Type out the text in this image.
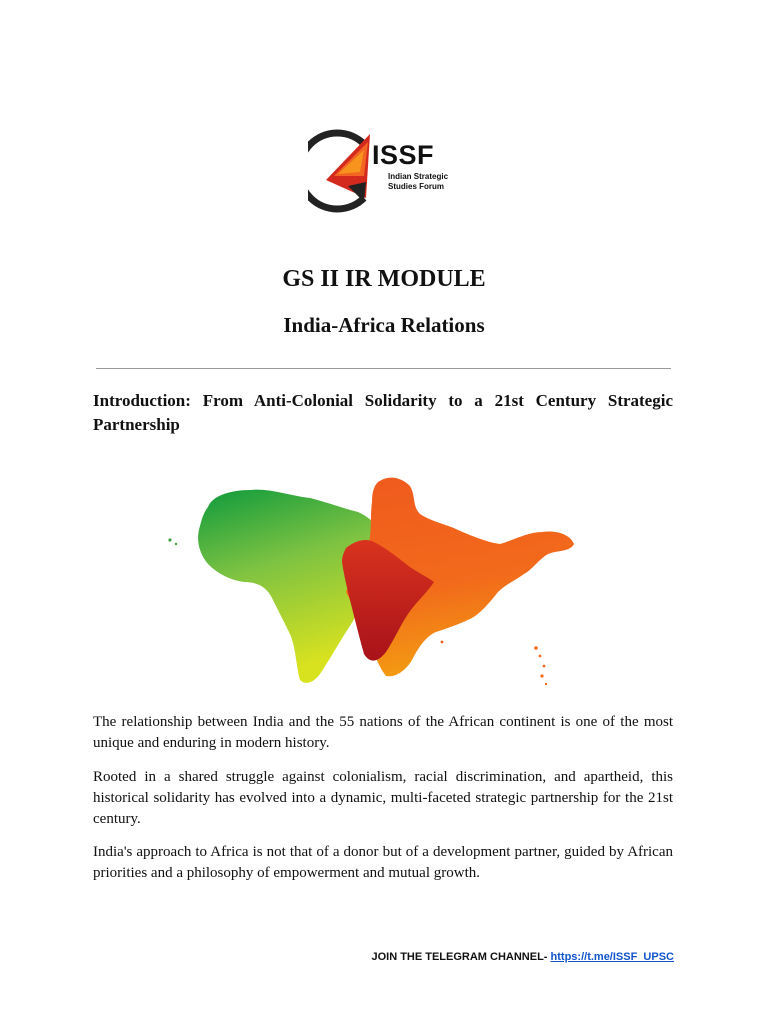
ISSF
Indian Strategic Studies Forum
GS II IR MODULE
India-Africa Relations

Introduction: From Anti-Colonial Solidarity to a 21st Century Strategic Partnership

The relationship between India and the 55 nations of the African continent is one of the most unique and enduring in modern history.

Rooted in a shared struggle against colonialism, racial discrimination, and apartheid, this historical solidarity has evolved into a dynamic, multi-faceted strategic partnership for the 21st century.

India's approach to Africa is not that of a donor but of a development partner, guided by African priorities and a philosophy of empowerment and mutual growth.

JOIN THE TELEGRAM CHANNEL- https://t.me/ISSF_UPSC
